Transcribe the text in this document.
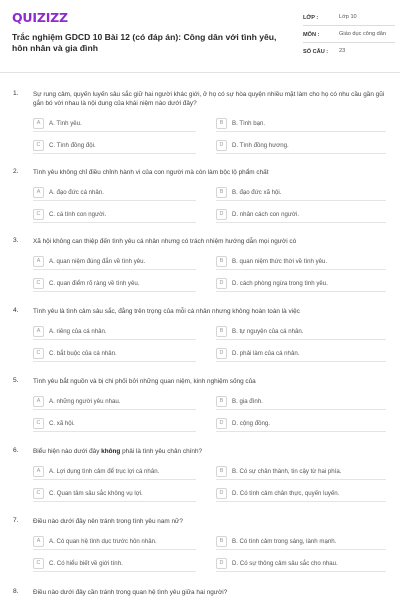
QUIZIZZ
Trắc nghiệm GDCD 10 Bài 12 (có đáp án): Công dân với tình yêu, hôn nhân và gia đình
LỚP :	Lớp 10
MÔN :	Giáo dục công dân
SỐ CÂU :	23
1. Sự rung cảm, quyến luyến sâu sắc giữ hai người khác giới, ở họ có sự hòa quyện nhiều mặt làm cho họ có nhu cầu gần gũi gắn bó với nhau là nội dung của khái niệm nào dưới đây?
A	A. Tình yêu.	B	B. Tình bạn.
C	C. Tình đồng đội.	D	D. Tình đồng hương.
2. Tình yêu không chỉ điều chỉnh hành vi của con người mà còn làm bộc lộ phẩm chất
A	A. đạo đức cá nhân.	B	B. đạo đức xã hội.
C	C. cá tính con người.	D	D. nhân cách con người.
3. Xã hội không can thiệp đến tình yêu cá nhân nhưng có trách nhiệm hướng dẫn mọi người có
A	A. quan niệm đúng đắn về tình yêu.	B	B. quan niệm thức thời về tình yêu.
C	C. quan điểm rõ ràng về tình yêu.	D	D. cách phòng ngừa trong tình yêu.
4. Tình yêu là tình cảm sâu sắc, đằng trên trọng của mỗi cá nhân nhưng không hoàn toàn là việc
A	A. riêng của cá nhân.	B	B. tự nguyện của cá nhân.
C	C. bắt buộc của cá nhân.	D	D. phải làm của cá nhân.
5. Tình yêu bắt nguồn và bị chi phối bởi những quan niệm, kinh nghiệm sống của
A	A. những người yêu nhau.	B	B. gia đình.
C	C. xã hội.	D	D. cộng đồng.
6. Biểu hiện nào dưới đây không phải là tình yêu chân chính?
A	A. Lợi dụng tình cảm để trục lợi cá nhân.	B	B. Có sự chân thành, tin cậy từ hai phía.
C	C. Quan tâm sâu sắc không vụ lợi.	D	D. Có tình cảm chân thực, quyến luyến.
7. Điều nào dưới đây nên tránh trong tình yêu nam nữ?
A	A. Có quan hệ tình dục trước hôn nhân.	B	B. Có tình cảm trong sáng, lành mạnh.
C	C. Có hiểu biết về giới tính.	D	D. Có sự thông cảm sâu sắc cho nhau.
8. Điều nào dưới đây cần tránh trong quan hệ tình yêu giữa hai người?
